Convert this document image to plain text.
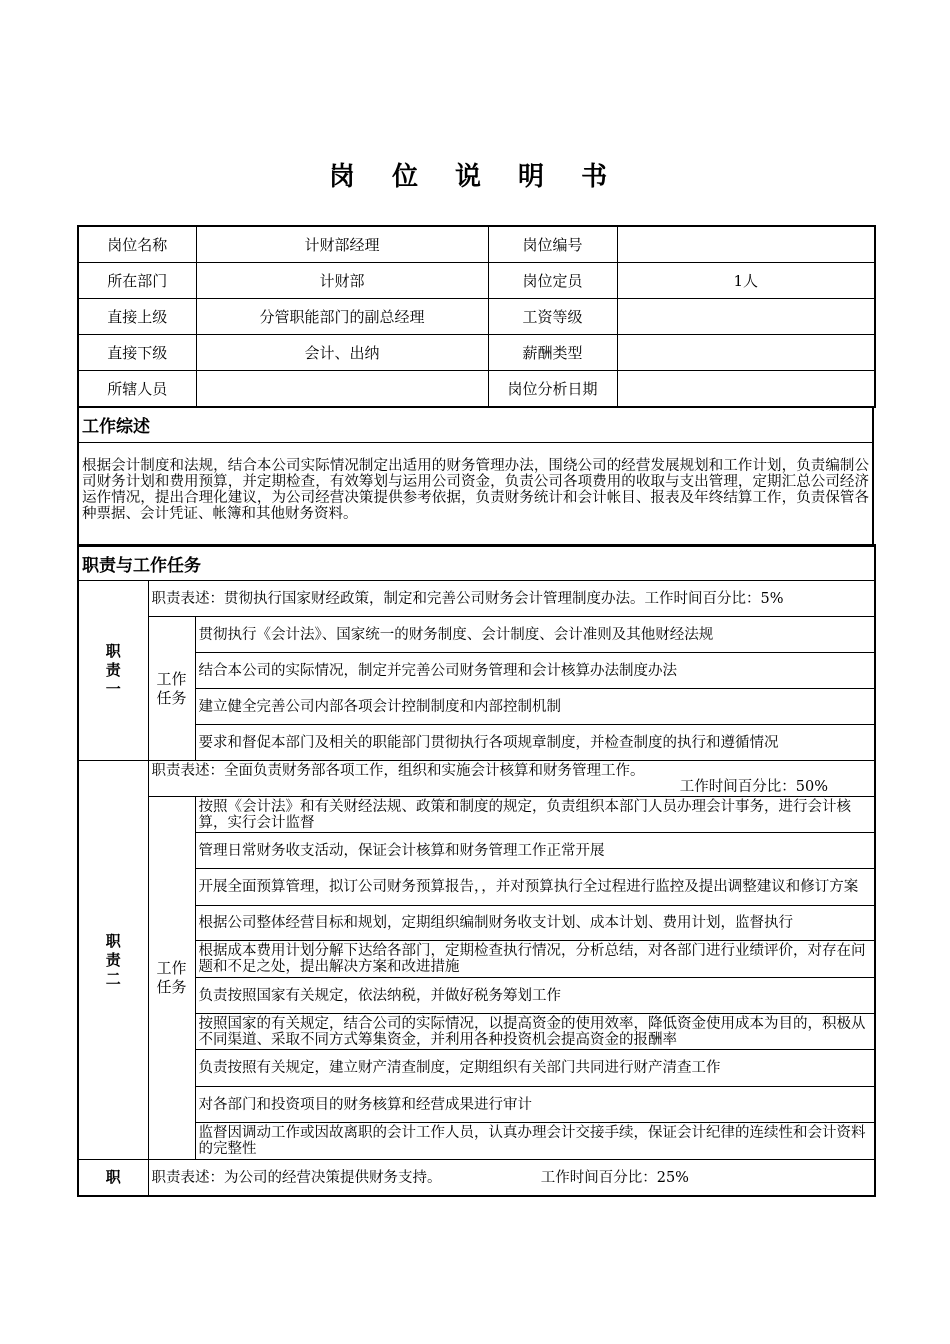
岗 位 说 明 书
岗位名称	计财部经理	岗位编号	
所在部门	计财部	岗位定员	1人
直接上级	分管职能部门的副总经理	工资等级	
直接下级	会计、出纳	薪酬类型	
所辖人员		岗位分析日期	
工作综述
根据会计制度和法规，结合本公司实际情况制定出适用的财务管理办法，围绕公司的经营发展规划和工作计划，负责编制公司财务计划和费用预算，并定期检查，有效筹划与运用公司资金，负责公司各项费用的收取与支出管理，定期汇总公司经济运作情况，提出合理化建议，为公司经营决策提供参考依据，负责财务统计和会计帐目、报表及年终结算工作，负责保管各种票据、会计凭证、帐簿和其他财务资料。
职责与工作任务		

职责一	职责表述：贯彻执行国家财经政策，制定和完善公司财务会计管理制度办法。工作时间百分比：5%	

	工作任务	贯彻执行《会计法》、国家统一的财务制度、会计制度、会计准则及其他财经法规
		结合本公司的实际情况，制定并完善公司财务管理和会计核算办法制度办法
		建立健全完善公司内部各项会计控制制度和内部控制机制
		要求和督促本部门及相关的职能部门贯彻执行各项规章制度，并检查制度的执行和遵循情况

职责二	职责表述：全面负责财务部各项工作，组织和实施会计核算和财务管理工作。
工作时间百分比：50%	

	工作任务	按照《会计法》和有关财经法规、政策和制度的规定，负责组织本部门人员办理会计事务，进行会计核算，实行会计监督
		管理日常财务收支活动，保证会计核算和财务管理工作正常开展
		开展全面预算管理，拟订公司财务预算报告，，并对预算执行全过程进行监控及提出调整建议和修订方案
		根据公司整体经营目标和规划，定期组织编制财务收支计划、成本计划、费用计划，监督执行
		根据成本费用计划分解下达给各部门，定期检查执行情况，分析总结，对各部门进行业绩评价，对存在问题和不足之处，提出解决方案和改进措施
		负责按照国家有关规定，依法纳税，并做好税务筹划工作
		按照国家的有关规定，结合公司的实际情况，以提高资金的使用效率，降低资金使用成本为目的，积极从不同渠道、采取不同方式筹集资金，并利用各种投资机会提高资金的报酬率
		负责按照有关规定，建立财产清查制度，定期组织有关部门共同进行财产清查工作
		对各部门和投资项目的财务核算和经营成果进行审计
		监督因调动工作或因故离职的会计工作人员，认真办理会计交接手续，保证会计纪律的连续性和会计资料的完整性
职	职责表述：为公司的经营决策提供财务支持。 工作时间百分比：25%	
